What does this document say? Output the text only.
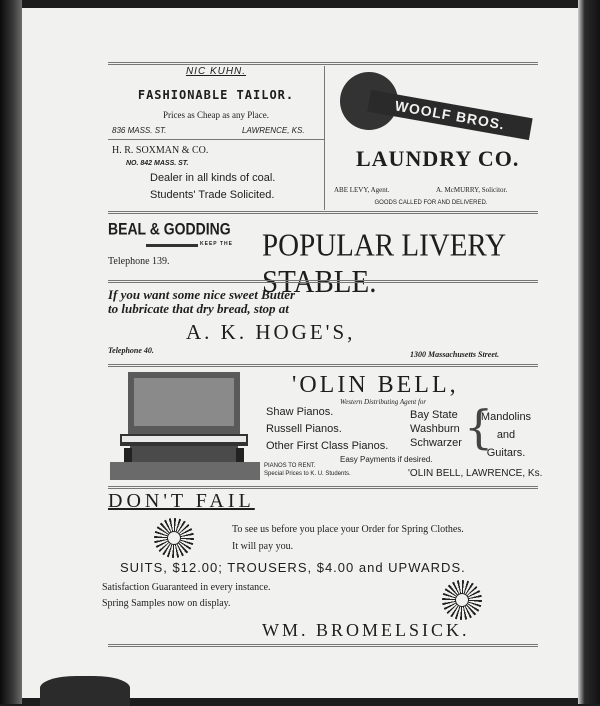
NIC KUHN.
FASHIONABLE TAILOR.
Prices as Cheap as any Place.
836 MASS. ST.	LAWRENCE, KS.
H. R. SOXMAN & CO.
NO. 842 MASS. ST.
Dealer in all kinds of coal.
Students' Trade Solicited.
WOOLF BROS.
LAUNDRY CO.
ABE LEVY, Agent.	A. McMURRY, Solicitor.
GOODS CALLED FOR AND DELIVERED.
BEAL & GODDING
KEEP THE POPULAR LIVERY STABLE.
Telephone 139.
If you want some nice sweet Butter
to lubricate that dry bread, stop at
A. K. HOGE'S,
Telephone 40.	1300 Massachusetts Street.
'OLIN BELL,
Western Distributing Agent for
Shaw Pianos.
Russell Pianos.
Other First Class Pianos.
Bay State
Washburn
Schwarzer {
Mandolins
and
Guitars.
Easy Payments if desired.
PIANOS TO RENT.
Special Prices to K. U. Students.	'OLIN BELL, LAWRENCE, Ks.
DON'T FAIL
To see us before you place your Order for Spring Clothes.
It will pay you.
SUITS, $12.00; TROUSERS, $4.00 and UPWARDS.
Satisfaction Guaranteed in every instance.
Spring Samples now on display.
WM. BROMELSICK.
